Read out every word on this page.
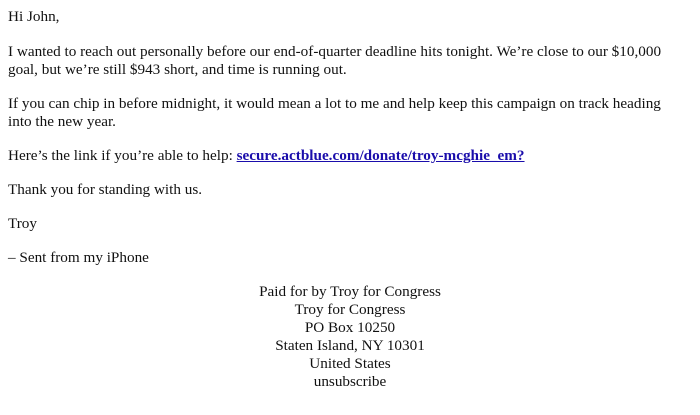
Hi John,

I wanted to reach out personally before our end-of-quarter deadline hits tonight. We’re close to our $10,000 goal, but we’re still $943 short, and time is running out.

If you can chip in before midnight, it would mean a lot to me and help keep this campaign on track heading into the new year.

Here’s the link if you’re able to help: secure.actblue.com/donate/troy-mcghie_em?

Thank you for standing with us.

Troy

– Sent from my iPhone

Paid for by Troy for Congress
Troy for Congress
PO Box 10250
Staten Island, NY 10301
United States
unsubscribe
